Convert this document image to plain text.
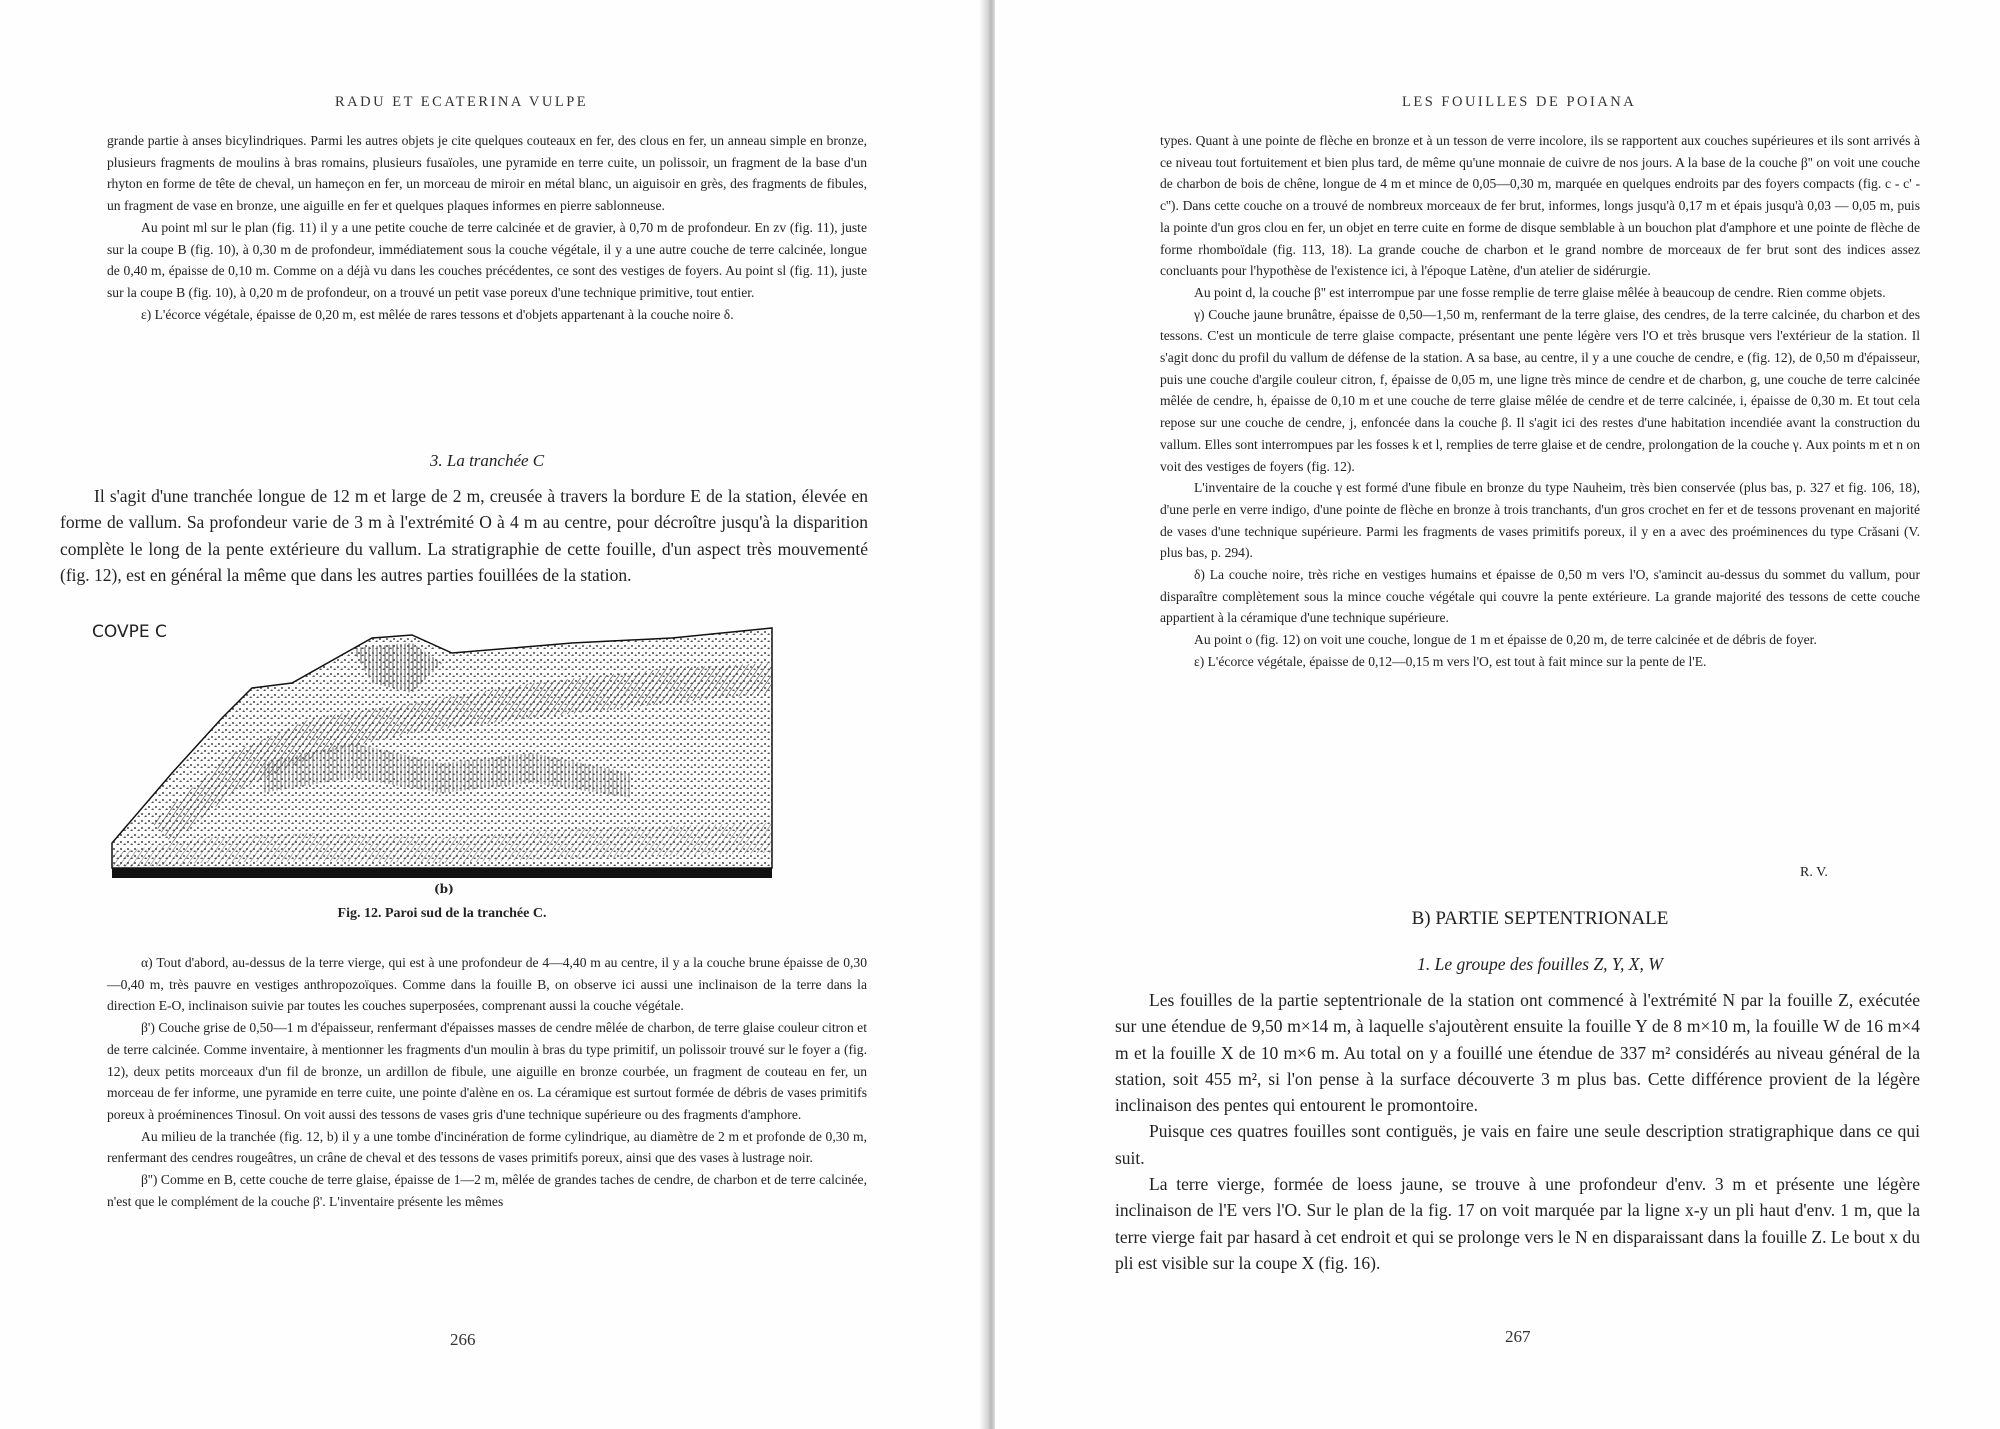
RADU ET ECATERINA VULPE

grande partie à anses bicylindriques. Parmi les autres objets je cite quelques couteaux en fer, des clous en fer, un anneau simple en bronze, plusieurs fragments de moulins à bras romains, plusieurs fusaïoles, une pyramide en terre cuite, un polissoir, un fragment de la base d'un rhyton en forme de tête de cheval, un hameçon en fer, un morceau de miroir en métal blanc, un aiguisoir en grès, des fragments de fibules, un fragment de vase en bronze, une aiguille en fer et quelques plaques informes en pierre sablonneuse.

Au point ml sur le plan (fig. 11) il y a une petite couche de terre calcinée et de gravier, à 0,70 m de profondeur. En zv (fig. 11), juste sur la coupe B (fig. 10), à 0,30 m de profondeur, immédiatement sous la couche végétale, il y a une autre couche de terre calcinée, longue de 0,40 m, épaisse de 0,10 m. Comme on a déjà vu dans les couches précédentes, ce sont des vestiges de foyers. Au point sl (fig. 11), juste sur la coupe B (fig. 10), à 0,20 m de profondeur, on a trouvé un petit vase poreux d'une technique primitive, tout entier.

ε) L'écorce végétale, épaisse de 0,20 m, est mêlée de rares tessons et d'objets appartenant à la couche noire δ.

3. La tranchée C

Il s'agit d'une tranchée longue de 12 m et large de 2 m, creusée à travers la bordure E de la station, élevée en forme de vallum. Sa profondeur varie de 3 m à l'extrémité O à 4 m au centre, pour décroître jusqu'à la disparition complète le long de la pente extérieure du vallum. La stratigraphie de cette fouille, d'un aspect très mouvementé (fig. 12), est en général la même que dans les autres parties fouillées de la station.

COVPE C
(b)
Fig. 12. Paroi sud de la tranchée C.

α) Tout d'abord, au-dessus de la terre vierge, qui est à une profondeur de 4—4,40 m au centre, il y a la couche brune épaisse de 0,30—0,40 m, très pauvre en vestiges anthropozoïques. Comme dans la fouille B, on observe ici aussi une inclinaison de la terre dans la direction E-O, inclinaison suivie par toutes les couches superposées, comprenant aussi la couche végétale.

β') Couche grise de 0,50—1 m d'épaisseur, renfermant d'épaisses masses de cendre mêlée de charbon, de terre glaise couleur citron et de terre calcinée. Comme inventaire, à mentionner les fragments d'un moulin à bras du type primitif, un polissoir trouvé sur le foyer a (fig. 12), deux petits morceaux d'un fil de bronze, un ardillon de fibule, une aiguille en bronze courbée, un fragment de couteau en fer, un morceau de fer informe, une pyramide en terre cuite, une pointe d'alène en os. La céramique est surtout formée de débris de vases primitifs poreux à proéminences Tinosul. On voit aussi des tessons de vases gris d'une technique supérieure ou des fragments d'amphore.

Au milieu de la tranchée (fig. 12, b) il y a une tombe d'incinération de forme cylindrique, au diamètre de 2 m et profonde de 0,30 m, renfermant des cendres rougeâtres, un crâne de cheval et des tessons de vases primitifs poreux, ainsi que des vases à lustrage noir.

β'') Comme en B, cette couche de terre glaise, épaisse de 1—2 m, mêlée de grandes taches de cendre, de charbon et de terre calcinée, n'est que le complément de la couche β'. L'inventaire présente les mêmes

266
LES FOUILLES DE POIANA

types. Quant à une pointe de flèche en bronze et à un tesson de verre incolore, ils se rapportent aux couches supérieures et ils sont arrivés à ce niveau tout fortuitement et bien plus tard, de même qu'une monnaie de cuivre de nos jours. A la base de la couche β'' on voit une couche de charbon de bois de chêne, longue de 4 m et mince de 0,05—0,30 m, marquée en quelques endroits par des foyers compacts (fig. c - c' - c''). Dans cette couche on a trouvé de nombreux morceaux de fer brut, informes, longs jusqu'à 0,17 m et épais jusqu'à 0,03 — 0,05 m, puis la pointe d'un gros clou en fer, un objet en terre cuite en forme de disque semblable à un bouchon plat d'amphore et une pointe de flèche de forme rhomboïdale (fig. 113, 18). La grande couche de charbon et le grand nombre de morceaux de fer brut sont des indices assez concluants pour l'hypothèse de l'existence ici, à l'époque Latène, d'un atelier de sidérurgie.

Au point d, la couche β'' est interrompue par une fosse remplie de terre glaise mêlée à beaucoup de cendre. Rien comme objets.

γ) Couche jaune brunâtre, épaisse de 0,50—1,50 m, renfermant de la terre glaise, des cendres, de la terre calcinée, du charbon et des tessons. C'est un monticule de terre glaise compacte, présentant une pente légère vers l'O et très brusque vers l'extérieur de la station. Il s'agit donc du profil du vallum de défense de la station. A sa base, au centre, il y a une couche de cendre, e (fig. 12), de 0,50 m d'épaisseur, puis une couche d'argile couleur citron, f, épaisse de 0,05 m, une ligne très mince de cendre et de charbon, g, une couche de terre calcinée mêlée de cendre, h, épaisse de 0,10 m et une couche de terre glaise mêlée de cendre et de terre calcinée, i, épaisse de 0,30 m. Et tout cela repose sur une couche de cendre, j, enfoncée dans la couche β. Il s'agit ici des restes d'une habitation incendiée avant la construction du vallum. Elles sont interrompues par les fosses k et l, remplies de terre glaise et de cendre, prolongation de la couche γ. Aux points m et n on voit des vestiges de foyers (fig. 12).

L'inventaire de la couche γ est formé d'une fibule en bronze du type Nauheim, très bien conservée (plus bas, p. 327 et fig. 106, 18), d'une perle en verre indigo, d'une pointe de flèche en bronze à trois tranchants, d'un gros crochet en fer et de tessons provenant en majorité de vases d'une technique supérieure. Parmi les fragments de vases primitifs poreux, il y en a avec des proéminences du type Crăsani (V. plus bas, p. 294).

δ) La couche noire, très riche en vestiges humains et épaisse de 0,50 m vers l'O, s'amincit au-dessus du sommet du vallum, pour disparaître complètement sous la mince couche végétale qui couvre la pente extérieure. La grande majorité des tessons de cette couche appartient à la céramique d'une technique supérieure.

Au point o (fig. 12) on voit une couche, longue de 1 m et épaisse de 0,20 m, de terre calcinée et de débris de foyer.

ε) L'écorce végétale, épaisse de 0,12—0,15 m vers l'O, est tout à fait mince sur la pente de l'E.

R. V.
B) PARTIE SEPTENTRIONALE
1. Le groupe des fouilles Z, Y, X, W

Les fouilles de la partie septentrionale de la station ont commencé à l'extrémité N par la fouille Z, exécutée sur une étendue de 9,50 m×14 m, à laquelle s'ajoutèrent ensuite la fouille Y de 8 m×10 m, la fouille W de 16 m×4 m et la fouille X de 10 m×6 m. Au total on y a fouillé une étendue de 337 m² considérés au niveau général de la station, soit 455 m², si l'on pense à la surface découverte 3 m plus bas. Cette différence provient de la légère inclinaison des pentes qui entourent le promontoire.

Puisque ces quatres fouilles sont contiguës, je vais en faire une seule description stratigraphique dans ce qui suit.

La terre vierge, formée de loess jaune, se trouve à une profondeur d'env. 3 m et présente une légère inclinaison de l'E vers l'O. Sur le plan de la fig. 17 on voit marquée par la ligne x-y un pli haut d'env. 1 m, que la terre vierge fait par hasard à cet endroit et qui se prolonge vers le N en disparaissant dans la fouille Z. Le bout x du pli est visible sur la coupe X (fig. 16).

267
